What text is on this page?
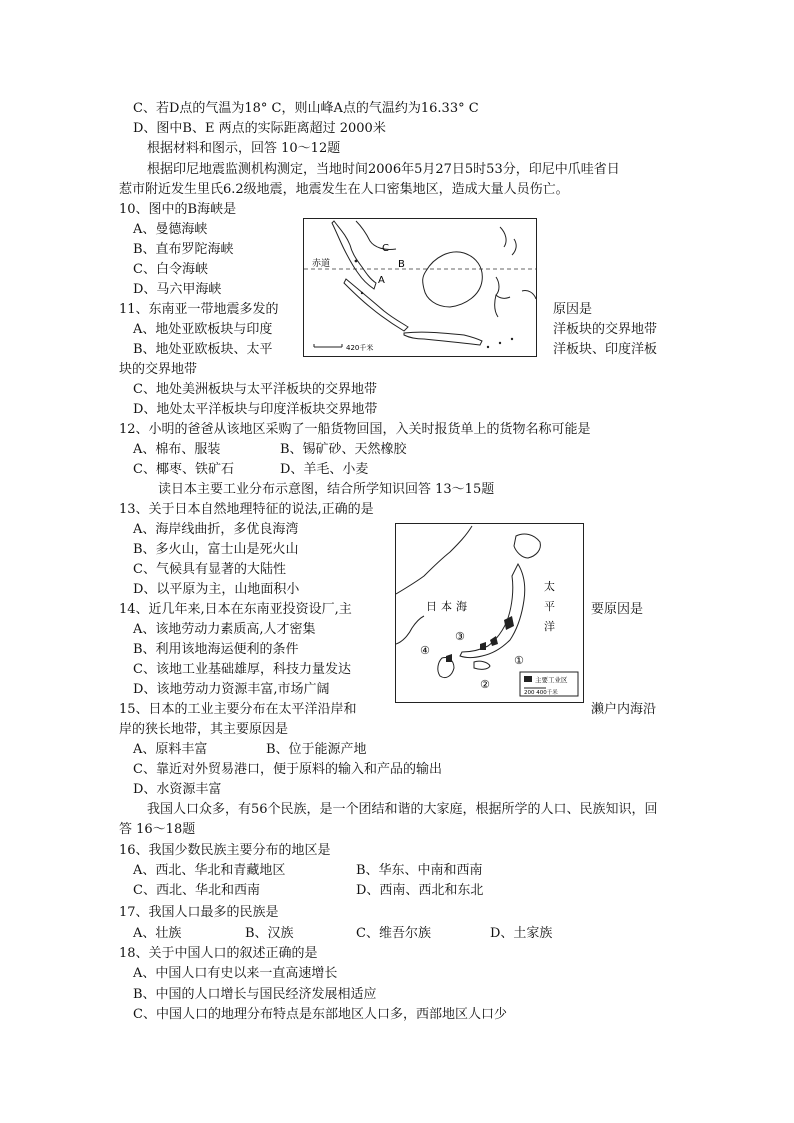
C、若D点的气温为18° C，则山峰A点的气温约为16.33° C
D、图中B、E 两点的实际距离超过 2000米
根据材料和图示，回答 10～12题
根据印尼地震监测机构测定，当地时间2006年5月27日5时53分，印尼中爪哇省日
惹市附近发生里氏6.2级地震，地震发生在人口密集地区，造成大量人员伤亡。
10、图中的B海峡是
A、曼德海峡
B、直布罗陀海峡
C、白令海峡
D、马六甲海峡
11、东南亚一带地震多发的	原因是
A、地处亚欧板块与印度	洋板块的交界地带
B、地处亚欧板块、太平	洋板块、印度洋板
块的交界地带
C、地处美洲板块与太平洋板块的交界地带
D、地处太平洋板块与印度洋板块交界地带
12、小明的爸爸从该地区采购了一船货物回国，入关时报货单上的货物名称可能是
A、棉布、服装	B、锡矿砂、天然橡胶
C、椰枣、铁矿石	D、羊毛、小麦
读日本主要工业分布示意图，结合所学知识回答 13～15题
13、关于日本自然地理特征的说法,正确的是
A、海岸线曲折，多优良海湾
B、多火山，富士山是死火山
C、气候具有显著的大陆性
D、以平原为主，山地面积小
14、近几年来,日本在东南亚投资设厂,主	要原因是
A、该地劳动力素质高,人才密集
B、利用该地海运便利的条件
C、该地工业基础雄厚，科技力量发达
D、该地劳动力资源丰富,市场广阔
15、日本的工业主要分布在太平洋沿岸和	濑户内海沿
岸的狭长地带，其主要原因是
A、原料丰富	B、位于能源产地
C、靠近对外贸易港口，便于原料的输入和产品的输出
D、水资源丰富
我国人口众多，有56个民族，是一个团结和谐的大家庭，根据所学的人口、民族知识，回
答 16～18题
16、我国少数民族主要分布的地区是
A、西北、华北和青藏地区	B、华东、中南和西南
C、西北、华北和西南	D、西南、西北和东北
17、我国人口最多的民族是
A、壮族	B、汉族	C、维吾尔族	D、土家族
18、关于中国人口的叙述正确的是
A、中国人口有史以来一直高速增长
B、中国的人口增长与国民经济发展相适应
C、中国人口的地理分布特点是东部地区人口多，西部地区人口少
赤道
A
B
C
420千米
日本海
太
平
洋
①
②
③
④
主要工业区
200 400千米
